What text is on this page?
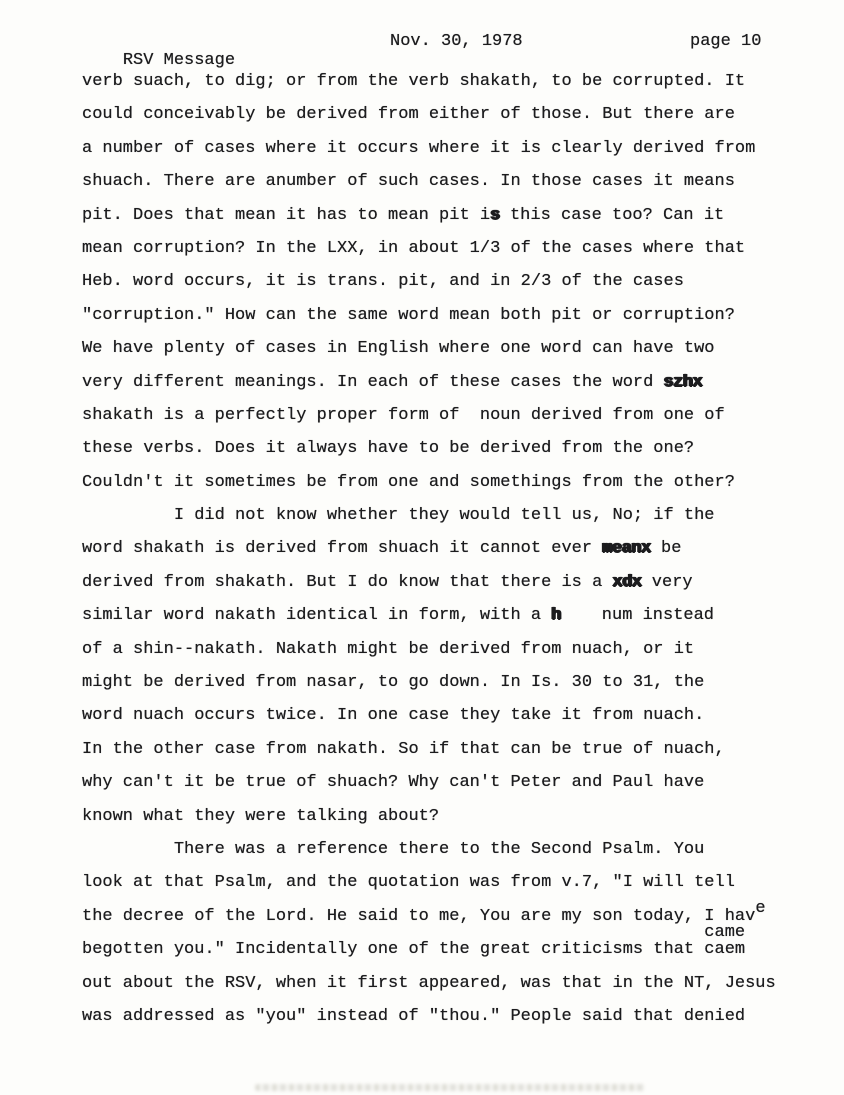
RSV Message

Nov. 30, 1978

	page 10

verb suach, to dig; or from the verb shakath, to be corrupted. It
could conceivably be derived from either of those. But there are
a number of cases where it occurs where it is clearly derived from
shuach. There are anumber of such cases. In those cases it means
pit. Does that mean it has to mean pit is this case too? Can it
mean corruption? In the LXX, in about 1/3 of the cases where that
Heb. word occurs, it is trans. pit, and in 2/3 of the cases
"corruption." How can the same word mean both pit or corruption?
We have plenty of cases in English where one word can have two
very different meanings. In each of these cases the word szhx
shakath is a perfectly proper form of  noun derived from one of
these verbs. Does it always have to be derived from the one?
Couldn't it sometimes be from one and somethings from the other?
I did not know whether they would tell us, No; if the
word shakath is derived from shuach it cannot ever meanx be
derived from shakath. But I do know that there is a xdx very
similar word nakath identical in form, with a h    num instead
of a shin--nakath. Nakath might be derived from nuach, or it
might be derived from nasar, to go down. In Is. 30 to 31, the
word nuach occurs twice. In one case they take it from nuach.
In the other case from nakath. So if that can be true of nuach,
why can't it be true of shuach? Why can't Peter and Paul have
known what they were talking about?
There was a reference there to the Second Psalm. You
look at that Psalm, and the quotation was from v.7, "I will tell
the decree of the Lord. He said to me, You are my son today, I have
came
begotten you." Incidentally one of the great criticisms that caem
out about the RSV, when it first appeared, was that in the NT, Jesus
was addressed as "you" instead of "thou." People said that denied
